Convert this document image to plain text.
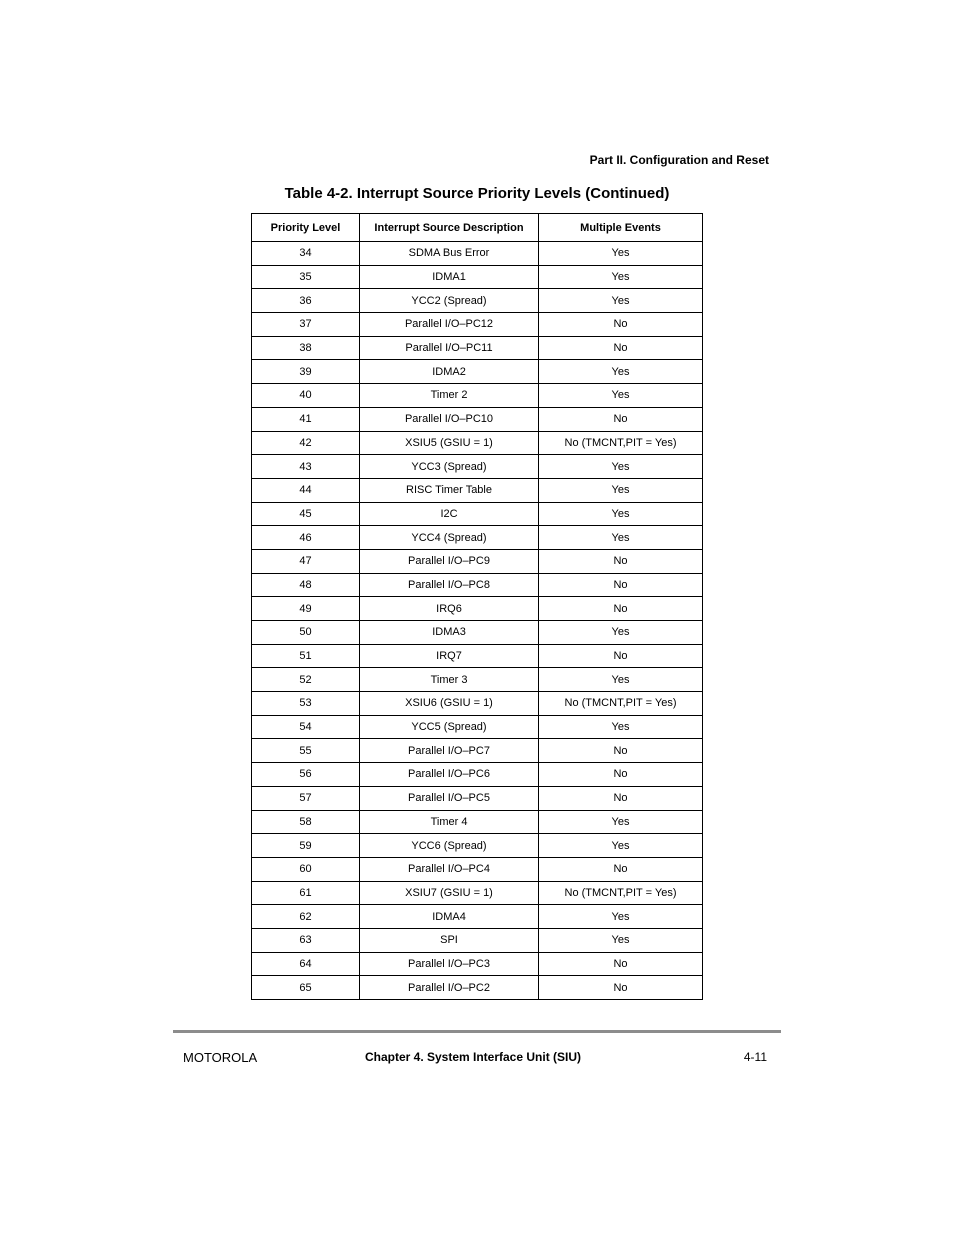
Part II. Configuration and Reset
Table 4-2. Interrupt Source Priority Levels (Continued)
Priority Level	Interrupt Source Description	Multiple Events
34	SDMA Bus Error	Yes
35	IDMA1	Yes
36	YCC2 (Spread)	Yes
37	Parallel I/O–PC12	No
38	Parallel I/O–PC11	No
39	IDMA2	Yes
40	Timer 2	Yes
41	Parallel I/O–PC10	No
42	XSIU5 (GSIU = 1)	No (TMCNT,PIT = Yes)
43	YCC3 (Spread)	Yes
44	RISC Timer Table	Yes
45	I2C	Yes
46	YCC4 (Spread)	Yes
47	Parallel I/O–PC9	No
48	Parallel I/O–PC8	No
49	IRQ6	No
50	IDMA3	Yes
51	IRQ7	No
52	Timer 3	Yes
53	XSIU6 (GSIU = 1)	No (TMCNT,PIT = Yes)
54	YCC5 (Spread)	Yes
55	Parallel I/O–PC7	No
56	Parallel I/O–PC6	No
57	Parallel I/O–PC5	No
58	Timer 4	Yes
59	YCC6 (Spread)	Yes
60	Parallel I/O–PC4	No
61	XSIU7 (GSIU = 1)	No (TMCNT,PIT = Yes)
62	IDMA4	Yes
63	SPI	Yes
64	Parallel I/O–PC3	No
65	Parallel I/O–PC2	No
MOTOROLA	Chapter 4. System Interface Unit (SIU)	4-11
